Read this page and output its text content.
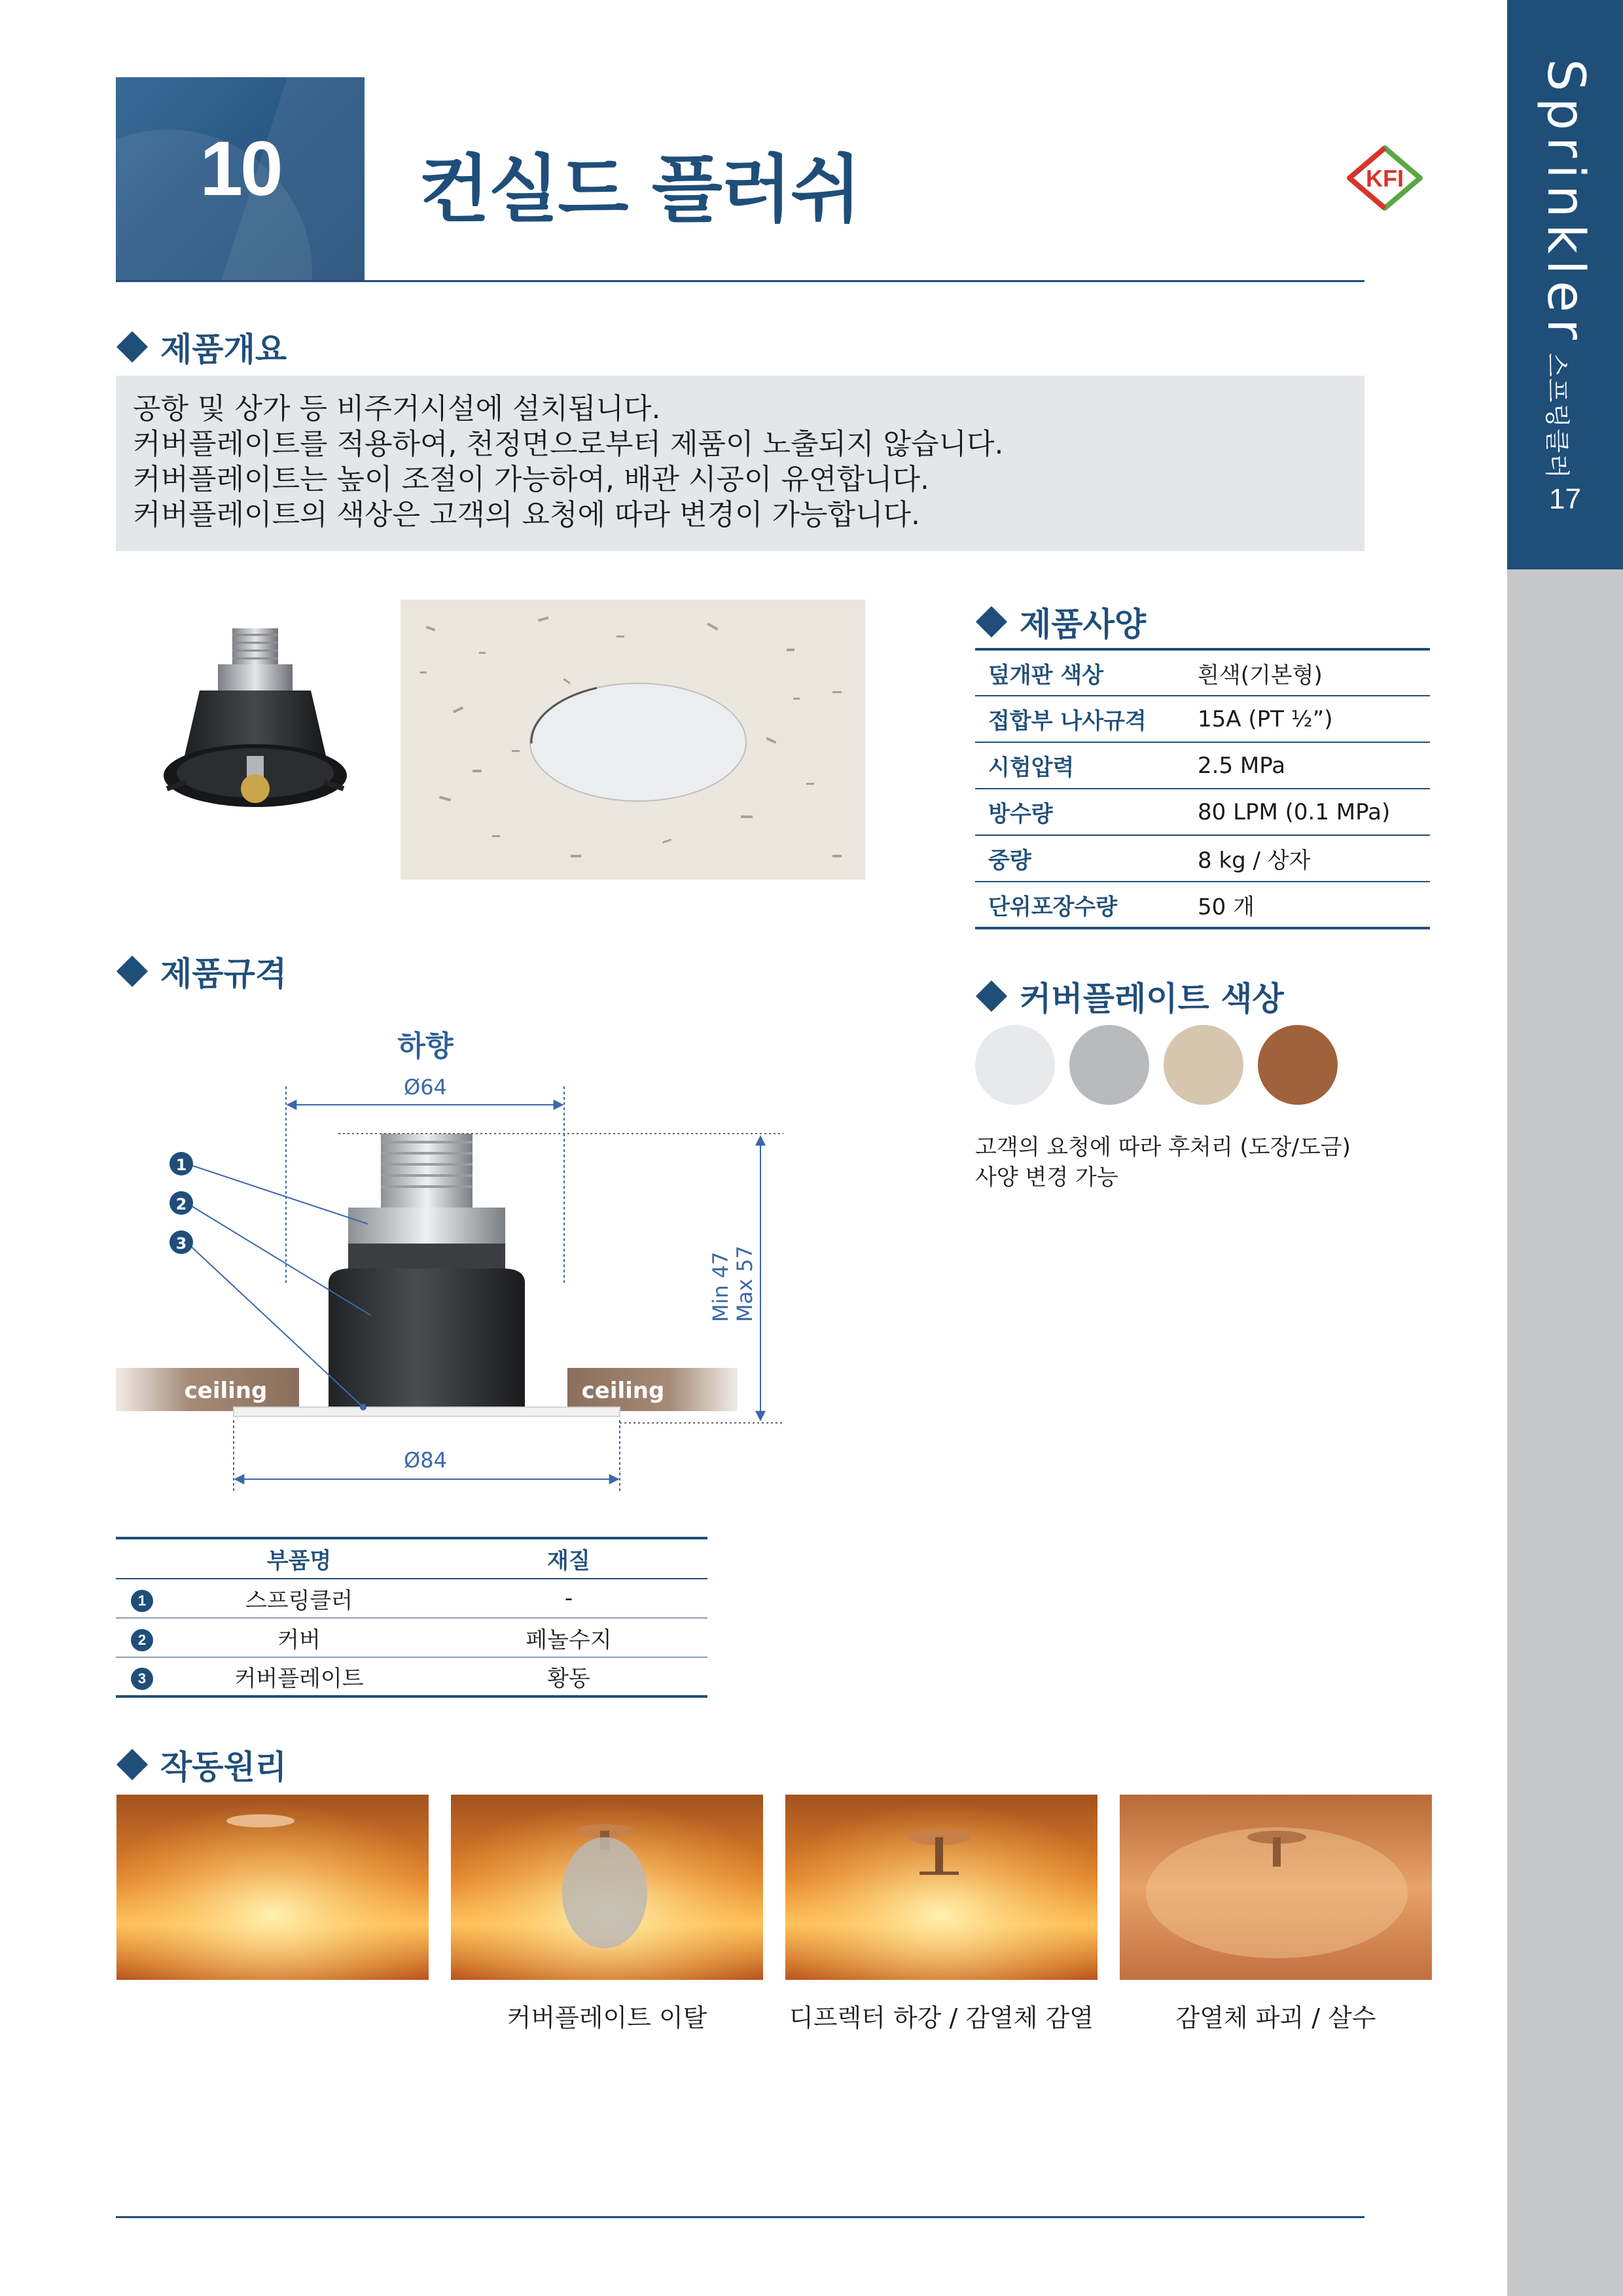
Sprinkler스프링클러
17
10	컨실드 플러쉬	KFI
제품개요

공항 및 상가 등 비주거시설에 설치됩니다.

커버플레이트를 적용하여, 천정면으로부터 제품이 노출되지 않습니다.

커버플레이트는 높이 조절이 가능하여, 배관 시공이 유연합니다.

커버플레이트의 색상은 고객의 요청에 따라 변경이 가능합니다.

제품사양
덮개판 색상	흰색(기본형)
접합부 나사규격	15A (PT ½”)
시험압력	2.5 MPa
방수량	80 LPM (0.1 MPa)
중량	8 kg / 상자
단위포장수량	50 개
커버플레이트 색상
고객의 요청에 따라 후처리 (도장/도금)
사양 변경 가능
제품규격
하향
ceiling	ceiling
Ø64
Ø84
Min 47 Max 57
1
2
3
	부품명	재질
1	스프링클러	-
2	커버	페놀수지
3	커버플레이트	황동
작동원리
커버플레이트 이탈	디프렉터 하강 / 감열체 감열	감열체 파괴 / 살수
